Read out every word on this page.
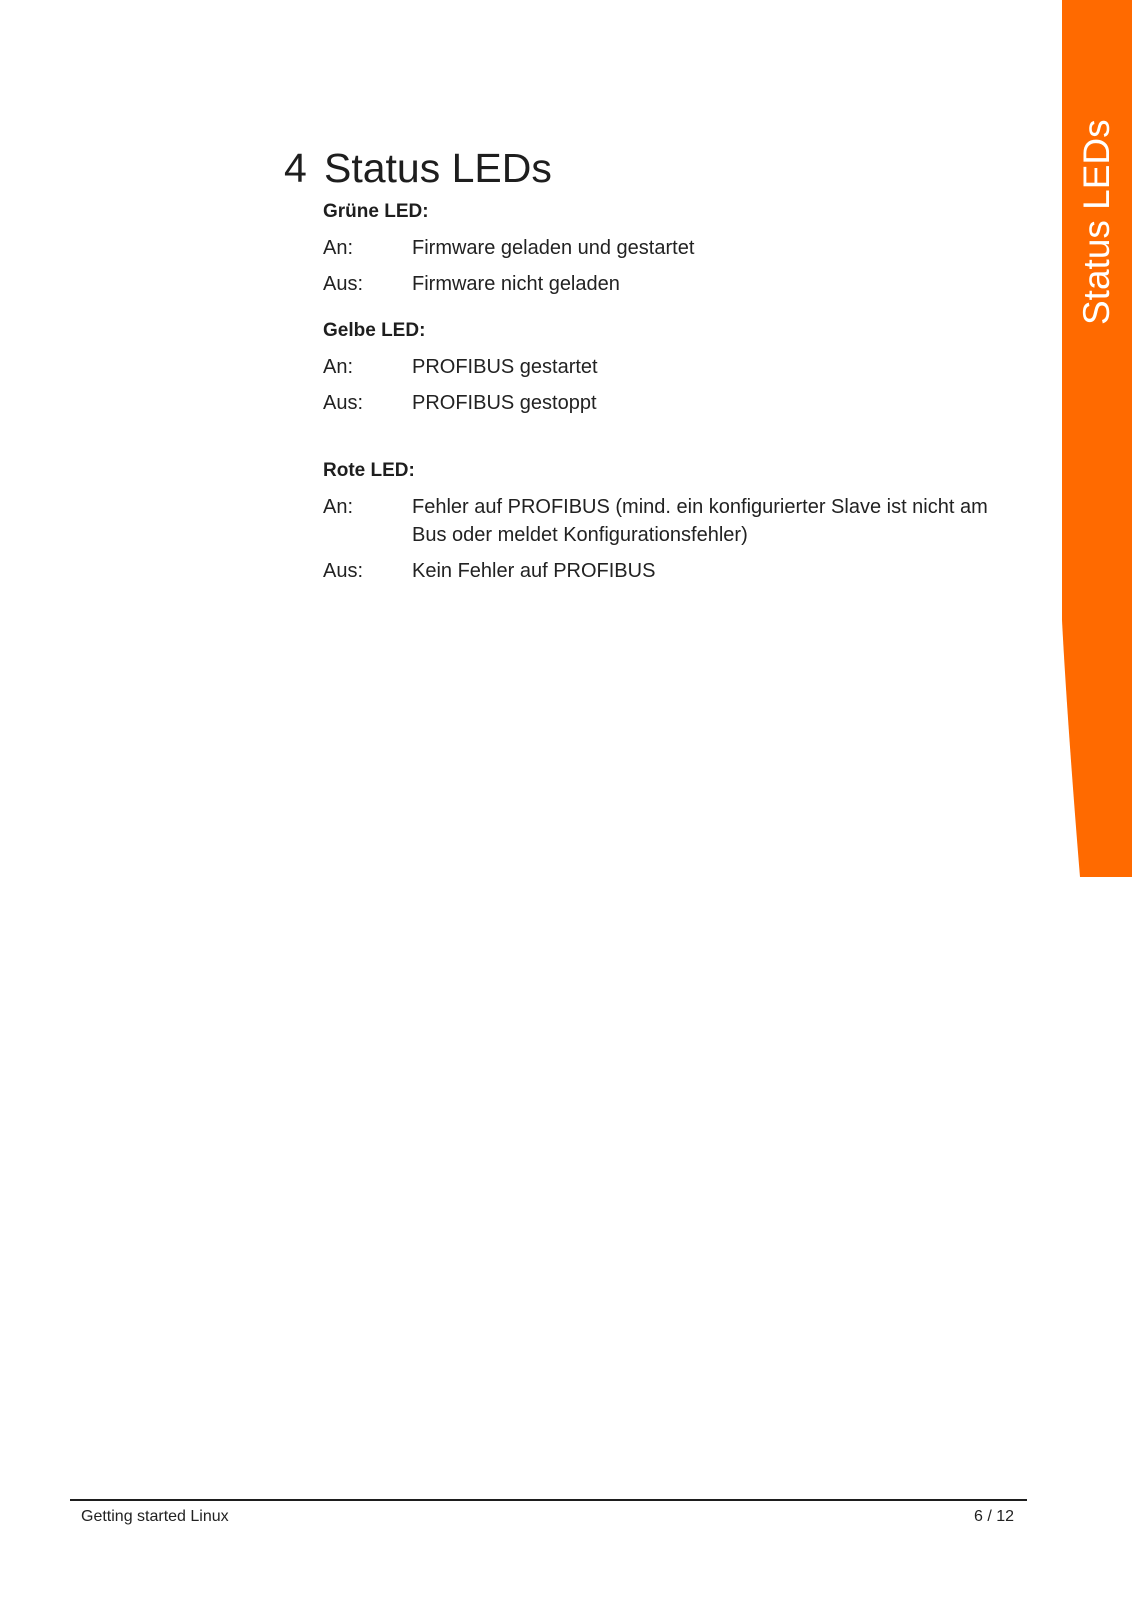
Status LEDs
4 Status LEDs
Grüne LED:
An:	Firmware geladen und gestartet
Aus:	Firmware nicht geladen
Gelbe LED:
An:	PROFIBUS gestartet
Aus:	PROFIBUS gestoppt
Rote LED:
An:	Fehler auf PROFIBUS (mind. ein konfigurierter Slave ist nicht am Bus oder meldet Konfigurationsfehler)
Aus:	Kein Fehler auf PROFIBUS
Getting started Linux	6 / 12
